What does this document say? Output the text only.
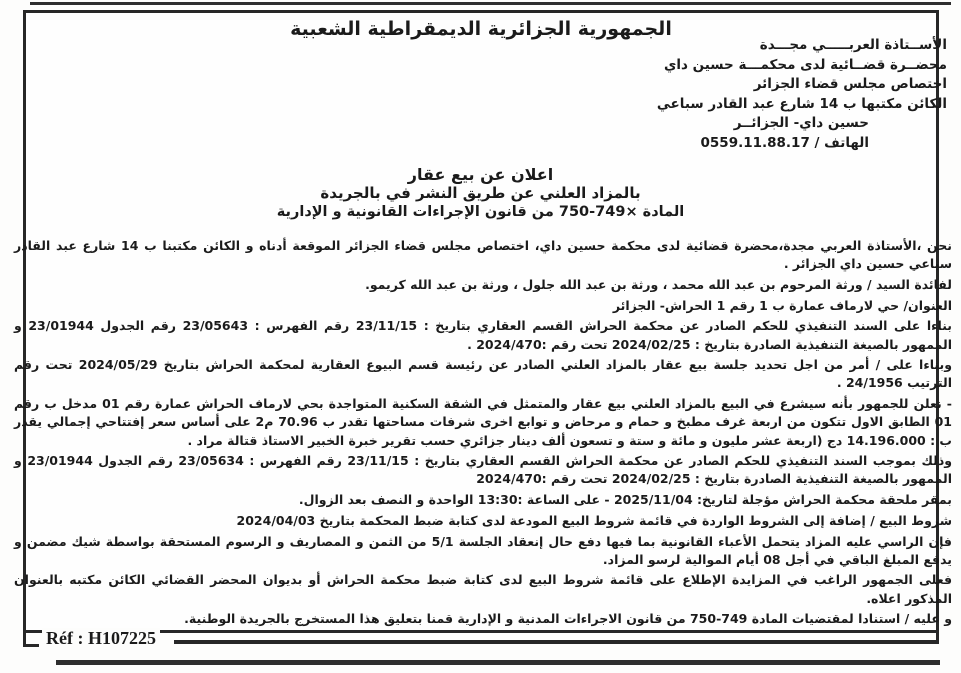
الجمهورية الجزائرية الديمقراطية الشعبية
الأســتاذة العربـــــي مجـــدة
محضــرة قضــائية لدى محكمـــة حسين داي
اختصاص مجلس قضاء الجزائر
الكائن مكتبها ب 14 شارع عبد القادر سباعي
حسين داي- الجزائــر
الهاتف / 0559.11.88.17
اعلان عن بيع عقار
بالمزاد العلني عن طريق النشر في بالجريدة
المادة ×749-750 من قانون الإجراءات القانونية و الإدارية

نحن ،الأستاذة العربي مجدة،محضرة قضائية لدى محكمة حسين داي، اختصاص مجلس قضاء الجزائر الموقعة أدناه و الكائن مكتبنا ب 14 شارع عبد القادر سباعي حسين داي الجزائر .

لفائدة السيد / ورثة المرحوم بن عبد الله محمد ، ورثة بن عبد الله جلول ، ورثة بن عبد الله كريمو.

العنوان/ حي لارماف عمارة ب 1 رقم 1 الحراش- الجزائر

بناءا على السند التنفيذي للحكم الصادر عن محكمة الحراش القسم العقاري بتاريخ : 23/11/15 رقم الفهرس : 23/05643 رقم الجدول 23/01944 و الممهور بالصيغة التنفيذية الصادرة بتاريخ : 2024/02/25 تحت رقم :2024/470 .

وبناءا على / أمر من اجل تحديد جلسة بيع عقار بالمزاد العلني الصادر عن رئيسة قسم البيوع العقارية لمحكمة الحراش بتاريخ 2024/05/29 تحت رقم الترتيب 24/1956 .

- نعلن للجمهور بأنه سيشرع في البيع بالمزاد العلني بيع عقار والمتمثل في الشقة السكنية المتواجدة بحي لارماف الحراش عمارة رقم 01 مدخل ب رقم 01 الطابق الاول تتكون من اربعة غرف مطبخ و حمام و مرحاض و توابع اخرى شرفات مساحتها تقدر ب 70.96 م2 على أساس سعر إفتتاحي إجمالي يقدر ب : 14.196.000 دج (اربعة عشر مليون و مائة و ستة و تسعون ألف دينار جزائري حسب تقرير خبرة الخبير الاستاذ قتالة مراد .

وذلك بموجب السند التنفيذي للحكم الصادر عن محكمة الحراش القسم العقاري بتاريخ : 23/11/15 رقم الفهرس : 23/05634 رقم الجدول 23/01944 و الممهور بالصيغة التنفيذية الصادرة بتاريخ : 2024/02/25 تحت رقم :2024/470

بمقر ملحقة محكمة الحراش مؤجلة لتاريخ: 2025/11/04 - على الساعة :13:30 الواحدة و النصف بعد الزوال.

شروط البيع / إضافة إلى الشروط الواردة في قائمة شروط البيع المودعة لدى كتابة ضبط المحكمة بتاريخ 2024/04/03

فإن الراسي عليه المزاد يتحمل الأعباء القانونية بما فيها دفع حال إنعقاد الجلسة 5/1 من الثمن و المصاريف و الرسوم المستحقة بواسطة شيك مضمن و يدفع المبلغ الباقي في أجل 08 أيام الموالية لرسو المزاد.

فعلى الجمهور الراغب في المزايدة الإطلاع على قائمة شروط البيع لدى كتابة ضبط محكمة الحراش أو بديوان المحضر القضائي الكائن مكتبه بالعنوان المذكور اعلاه.

و عليه / استنادا لمقتضيات المادة 749-750 من قانون الاجراءات المدنية و الإدارية قمنا بتعليق هذا المستخرج بالجريدة الوطنية.

Réf : H107225
